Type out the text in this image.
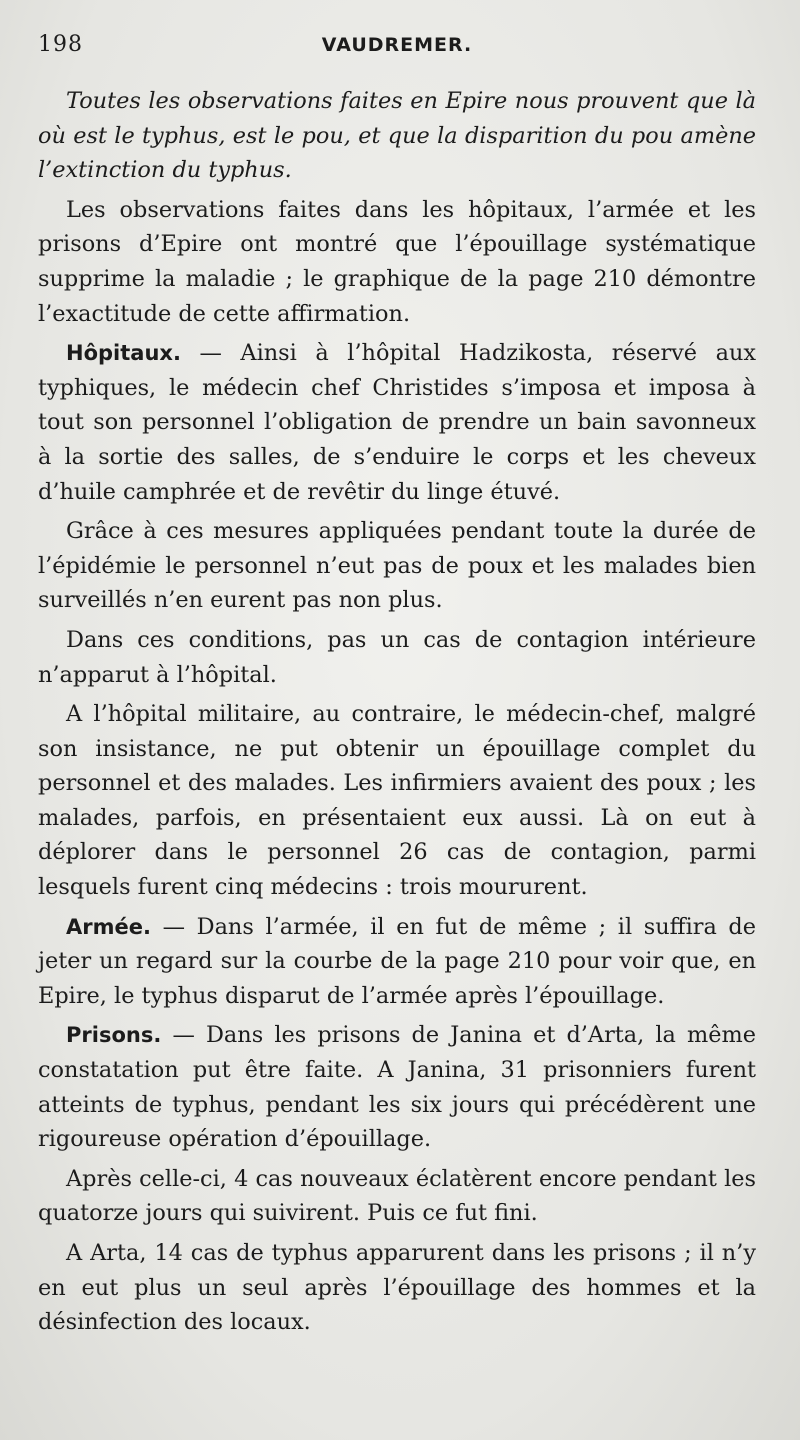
198	VAUDREMER.

Toutes les observations faites en Epire nous prouvent que là où est le typhus, est le pou, et que la disparition du pou amène l’extinction du typhus.

Les observations faites dans les hôpitaux, l’armée et les prisons d’Epire ont montré que l’épouillage systématique supprime la maladie ; le graphique de la page 210 démontre l’exactitude de cette affirmation.

Hôpitaux. — Ainsi à l’hôpital Hadzikosta, réservé aux typhiques, le médecin chef Christides s’imposa et imposa à tout son personnel l’obligation de prendre un bain savonneux à la sortie des salles, de s’enduire le corps et les cheveux d’huile camphrée et de revêtir du linge étuvé.

Grâce à ces mesures appliquées pendant toute la durée de l’épidémie le personnel n’eut pas de poux et les malades bien surveillés n’en eurent pas non plus.

Dans ces conditions, pas un cas de contagion intérieure n’apparut à l’hôpital.

A l’hôpital militaire, au contraire, le médecin-chef, malgré son insistance, ne put obtenir un épouillage complet du personnel et des malades. Les infirmiers avaient des poux ; les malades, parfois, en présentaient eux aussi. Là on eut à déplorer dans le personnel 26 cas de contagion, parmi lesquels furent cinq médecins : trois moururent.

Armée. — Dans l’armée, il en fut de même ; il suffira de jeter un regard sur la courbe de la page 210 pour voir que, en Epire, le typhus disparut de l’armée après l’épouillage.

Prisons. — Dans les prisons de Janina et d’Arta, la même constatation put être faite. A Janina, 31 prisonniers furent atteints de typhus, pendant les six jours qui précédèrent une rigoureuse opération d’épouillage.

Après celle-ci, 4 cas nouveaux éclatèrent encore pendant les quatorze jours qui suivirent. Puis ce fut fini.

A Arta, 14 cas de typhus apparurent dans les prisons ; il n’y en eut plus un seul après l’épouillage des hommes et la désinfection des locaux.
